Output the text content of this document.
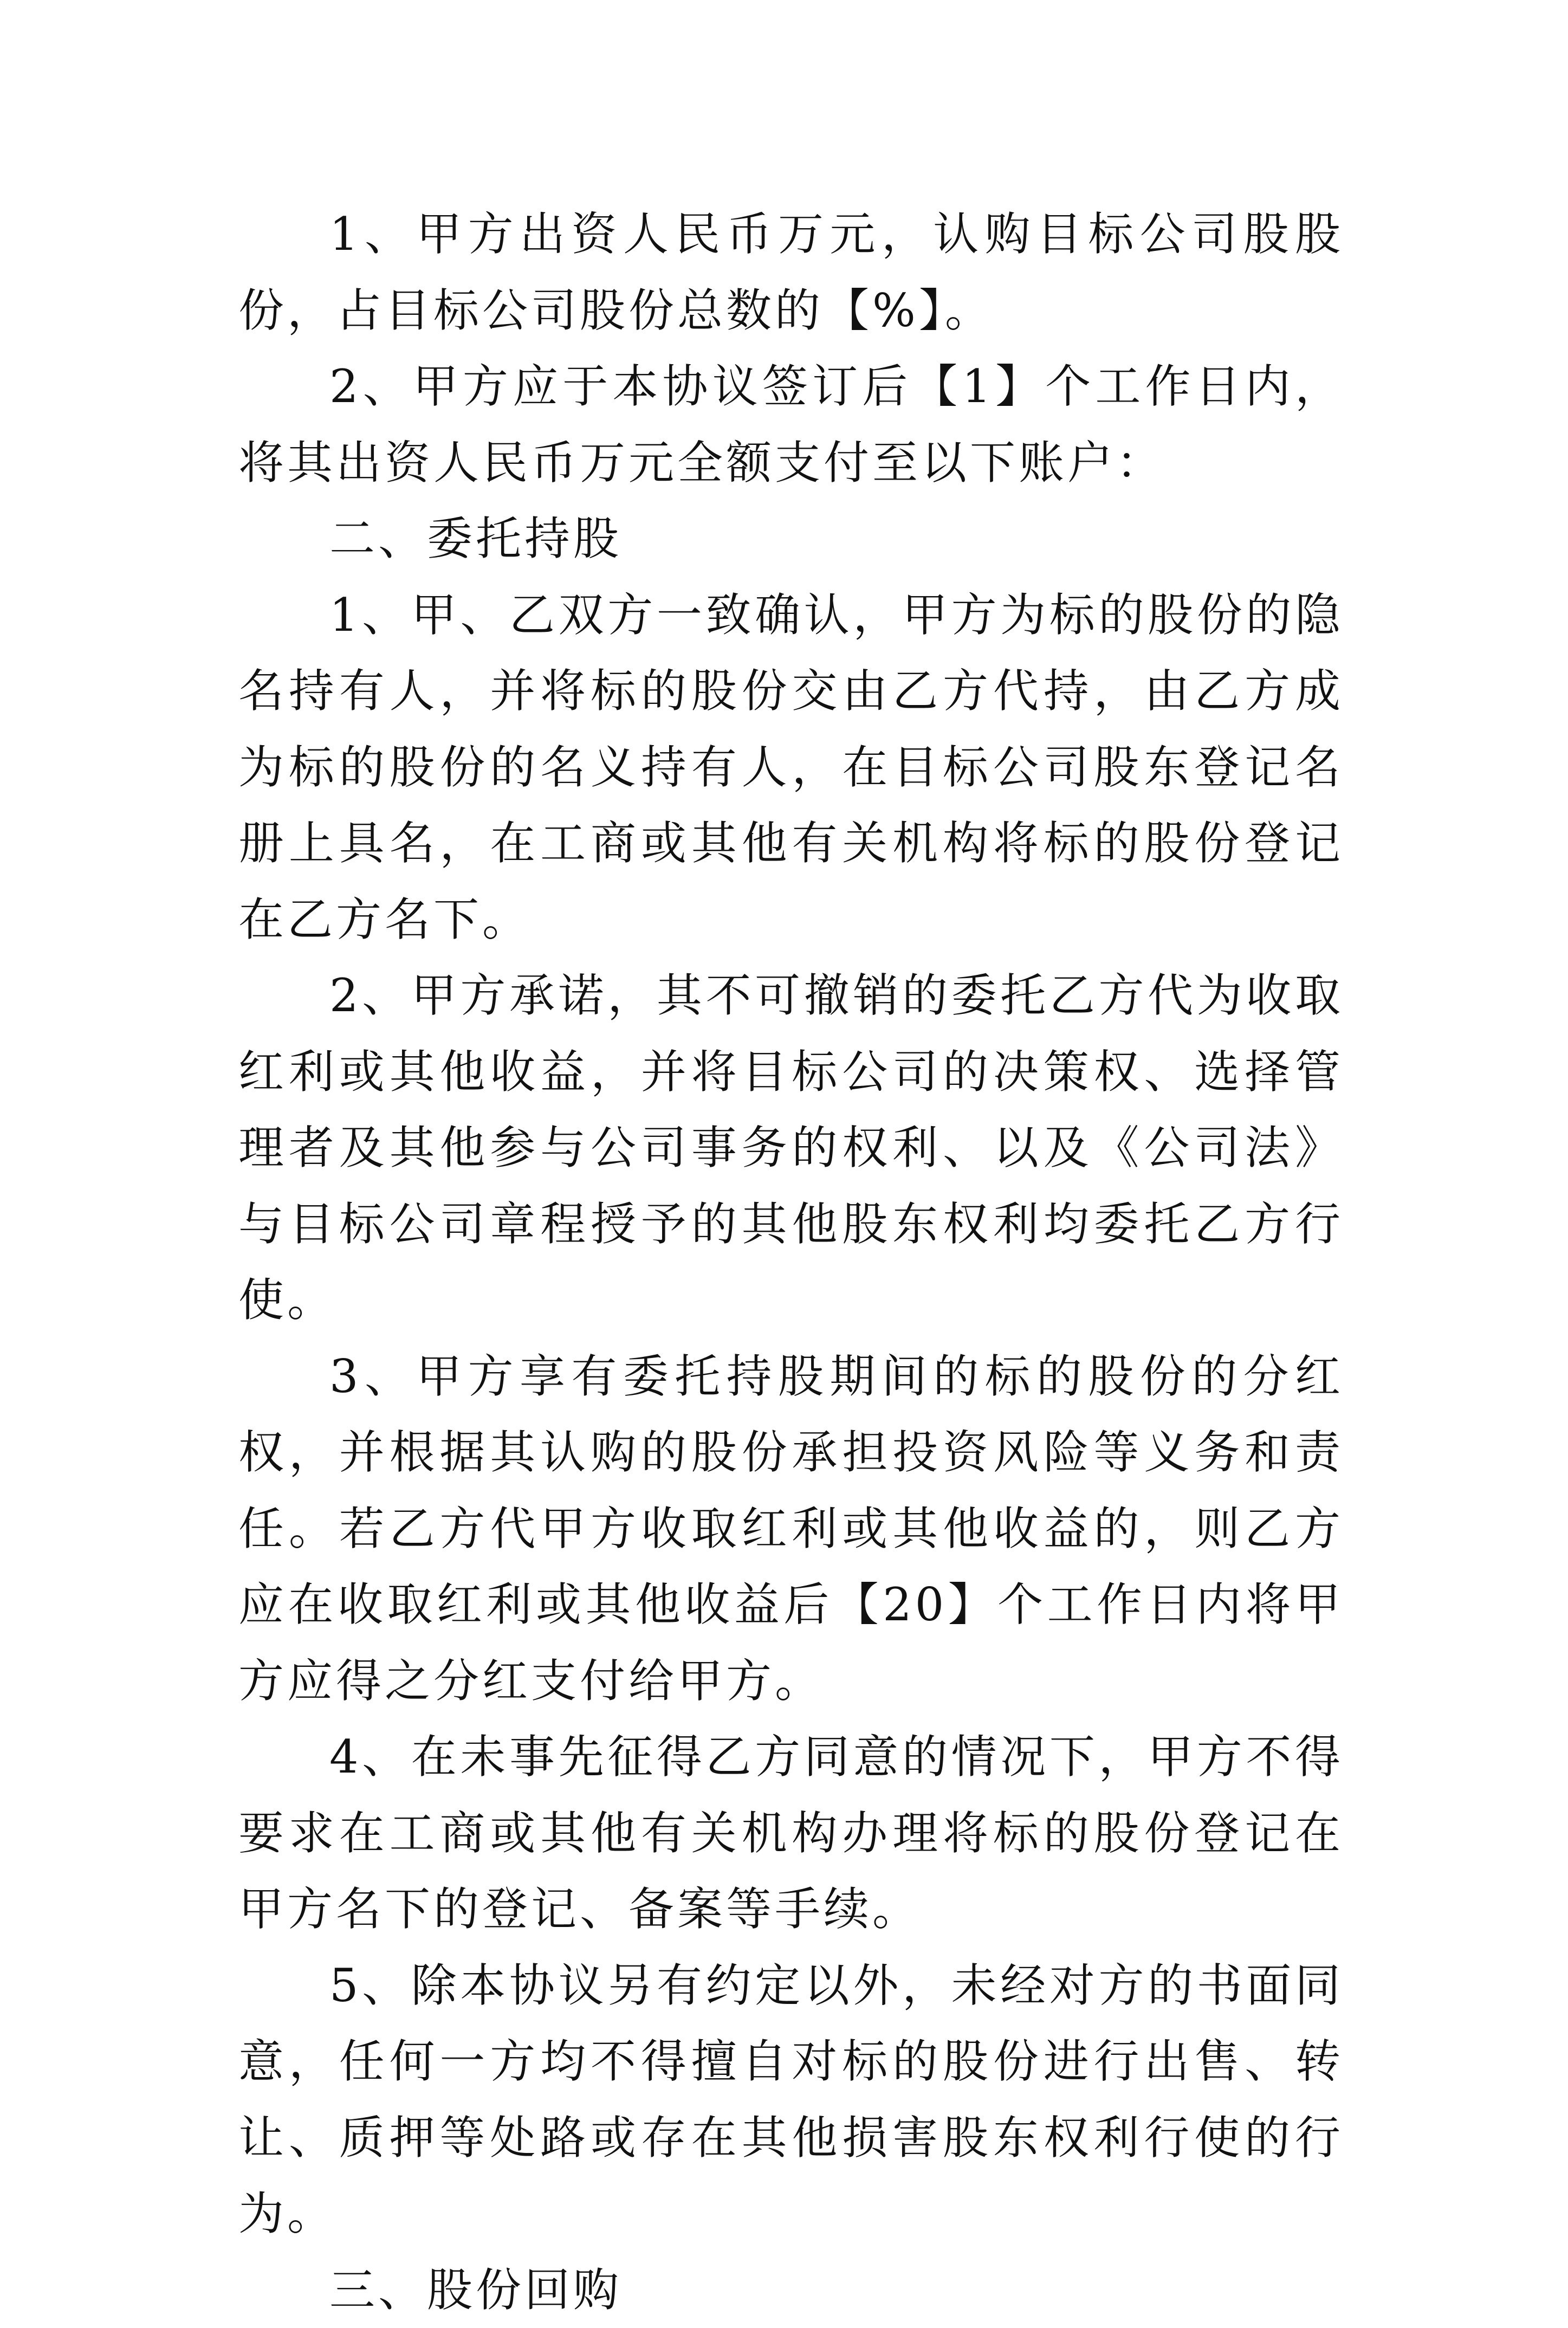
1、甲方出资人民币万元，认购目标公司股股份，占目标公司股份总数的【%】。

2、甲方应于本协议签订后【1】个工作日内，将其出资人民币万元全额支付至以下账户：

二、委托持股

1、甲、乙双方一致确认，甲方为标的股份的隐名持有人，并将标的股份交由乙方代持，由乙方成为标的股份的名义持有人，在目标公司股东登记名册上具名，在工商或其他有关机构将标的股份登记在乙方名下。

2、甲方承诺，其不可撤销的委托乙方代为收取红利或其他收益，并将目标公司的决策权、选择管理者及其他参与公司事务的权利、以及《公司法》与目标公司章程授予的其他股东权利均委托乙方行使。

3、甲方享有委托持股期间的标的股份的分红权，并根据其认购的股份承担投资风险等义务和责任。若乙方代甲方收取红利或其他收益的，则乙方应在收取红利或其他收益后【20】个工作日内将甲方应得之分红支付给甲方。

4、在未事先征得乙方同意的情况下，甲方不得要求在工商或其他有关机构办理将标的股份登记在甲方名下的登记、备案等手续。

5、除本协议另有约定以外，未经对方的书面同意，任何一方均不得擅自对标的股份进行出售、转让、质押等处路或存在其他损害股东权利行使的行为。

三、股份回购
